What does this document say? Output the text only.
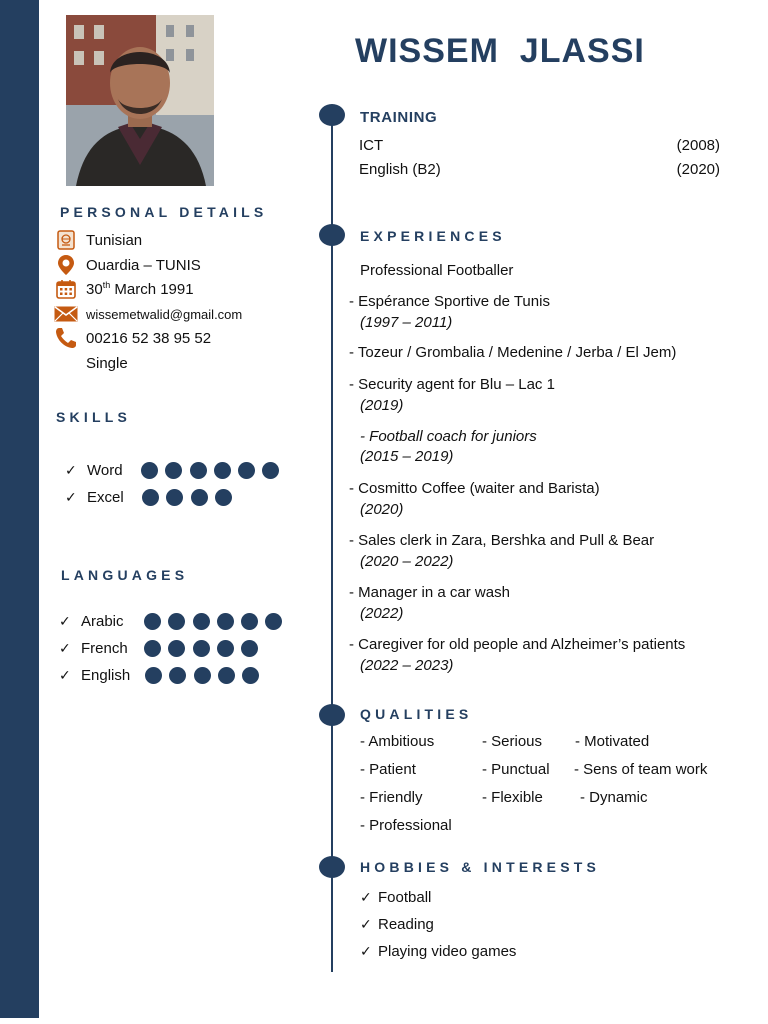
PERSONAL DETAILS
Tunisian
Ouardia – TUNIS
30th March 1991
wissemetwalid@gmail.com
00216 52 38 95 52
Single
SKILLS
✓ Word
✓ Excel
LANGUAGES
✓ Arabic
✓ French
✓ English
WISSEM  JLASSI
TRAINING
ICT	(2008)
English (B2)	(2020)
EXPERIENCES
Professional Footballer
- Espérance Sportive de Tunis
(1997 – 2011)
- Tozeur / Grombalia / Medenine / Jerba / El Jem)
- Security agent for Blu – Lac 1
(2019)
- Football coach for juniors
(2015 – 2019)
- Cosmitto Coffee (waiter and Barista)
(2020)
- Sales clerk in Zara, Bershka and Pull & Bear
(2020 – 2022)
- Manager in a car wash
(2022)
- Caregiver for old people and Alzheimer’s patients
(2022 – 2023)
QUALITIES
- Ambitious	- Serious - Motivated
- Patient	- Punctual - Sens of team work
- Friendly	- Flexible - Dynamic
- Professional
HOBBIES & INTERESTS
✓ Football
✓ Reading
✓ Playing video games
